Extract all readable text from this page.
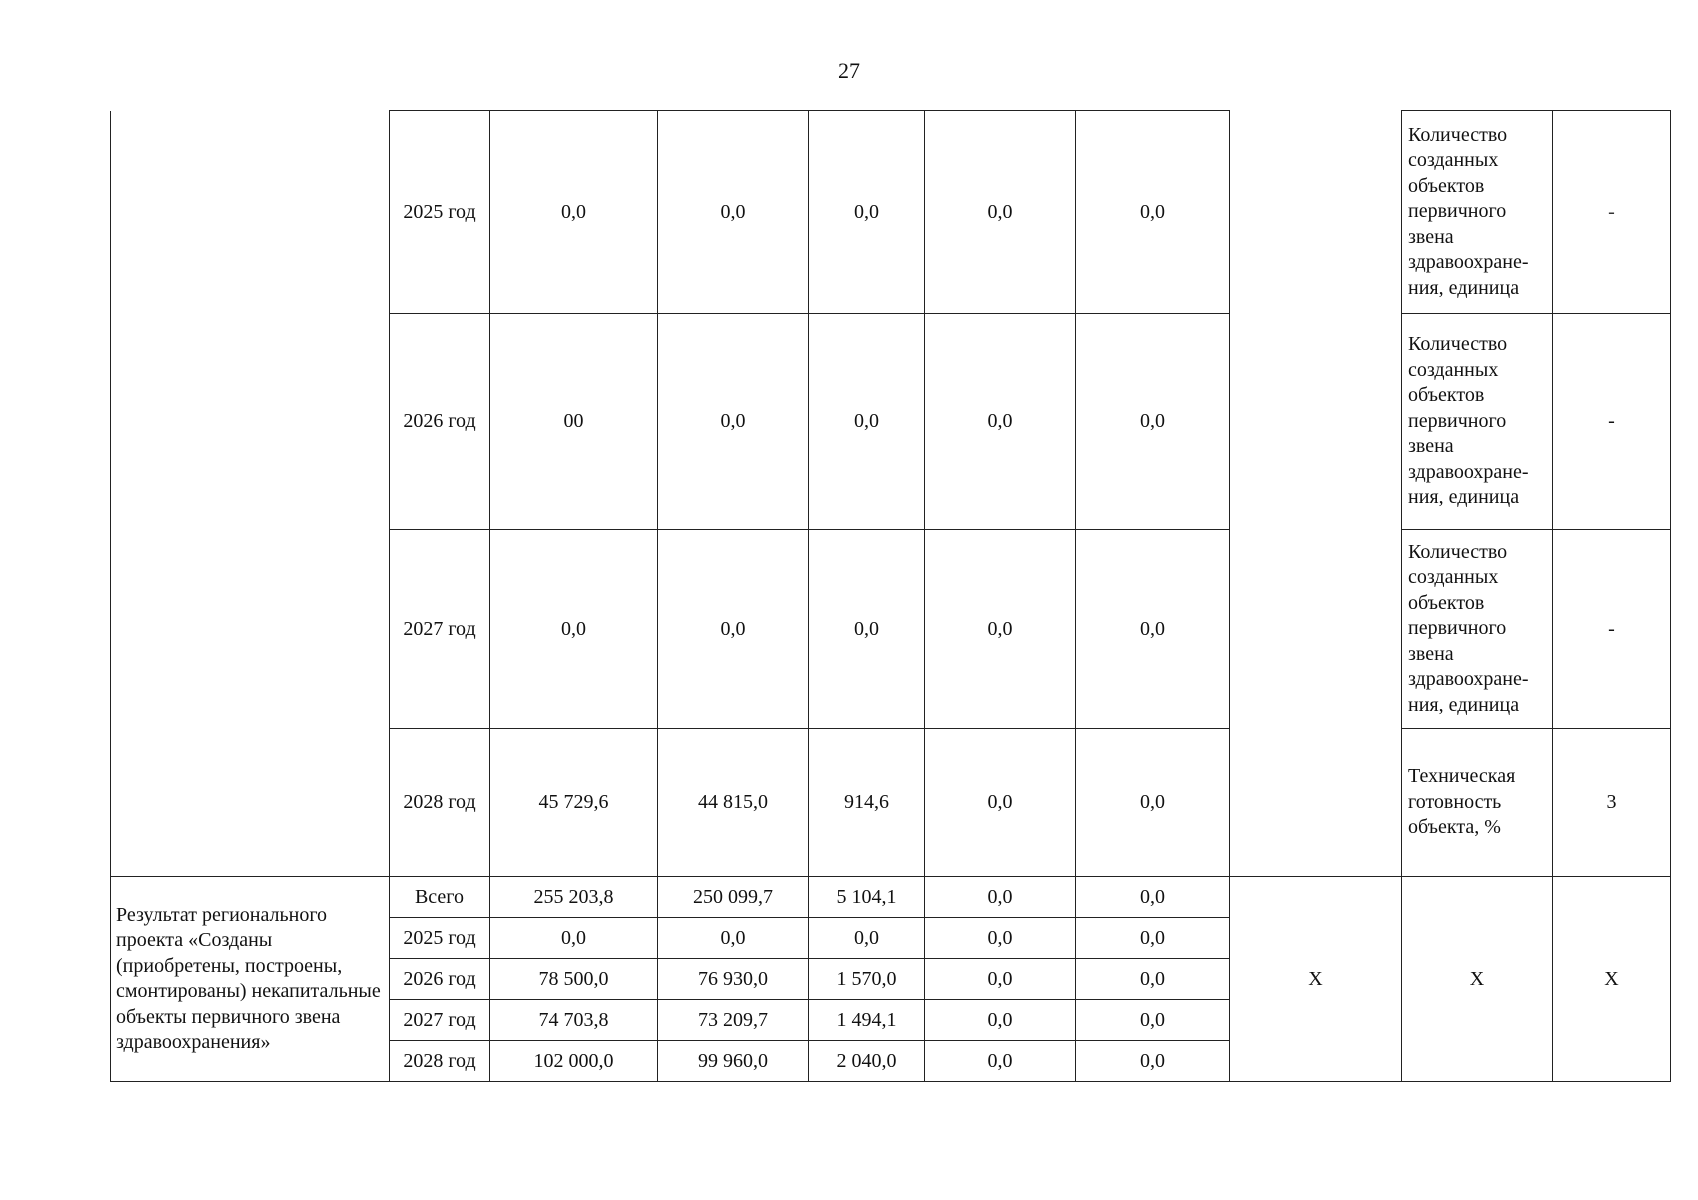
27
	2025 год	0,0	0,0	0,0	0,0	0,0		Количество созданных объектов первичного звена здравоохране-ния, единица	-
	2026 год	00	0,0	0,0	0,0	0,0		Количество созданных объектов первичного звена здравоохране-ния, единица	-
	2027 год	0,0	0,0	0,0	0,0	0,0		Количество созданных объектов первичного звена здравоохране-ния, единица	-
	2028 год	45 729,6	44 815,0	914,6	0,0	0,0		Техническая готовность объекта, %	3
Результат регионального проекта «Созданы (приобретены, построены, смонтированы) некапитальные объекты первичного звена здравоохранения»	Всего	255 203,8	250 099,7	5 104,1	0,0	0,0	X	X	X
	2025 год	0,0	0,0	0,0	0,0	0,0			
	2026 год	78 500,0	76 930,0	1 570,0	0,0	0,0			
	2027 год	74 703,8	73 209,7	1 494,1	0,0	0,0			
	2028 год	102 000,0	99 960,0	2 040,0	0,0	0,0			
